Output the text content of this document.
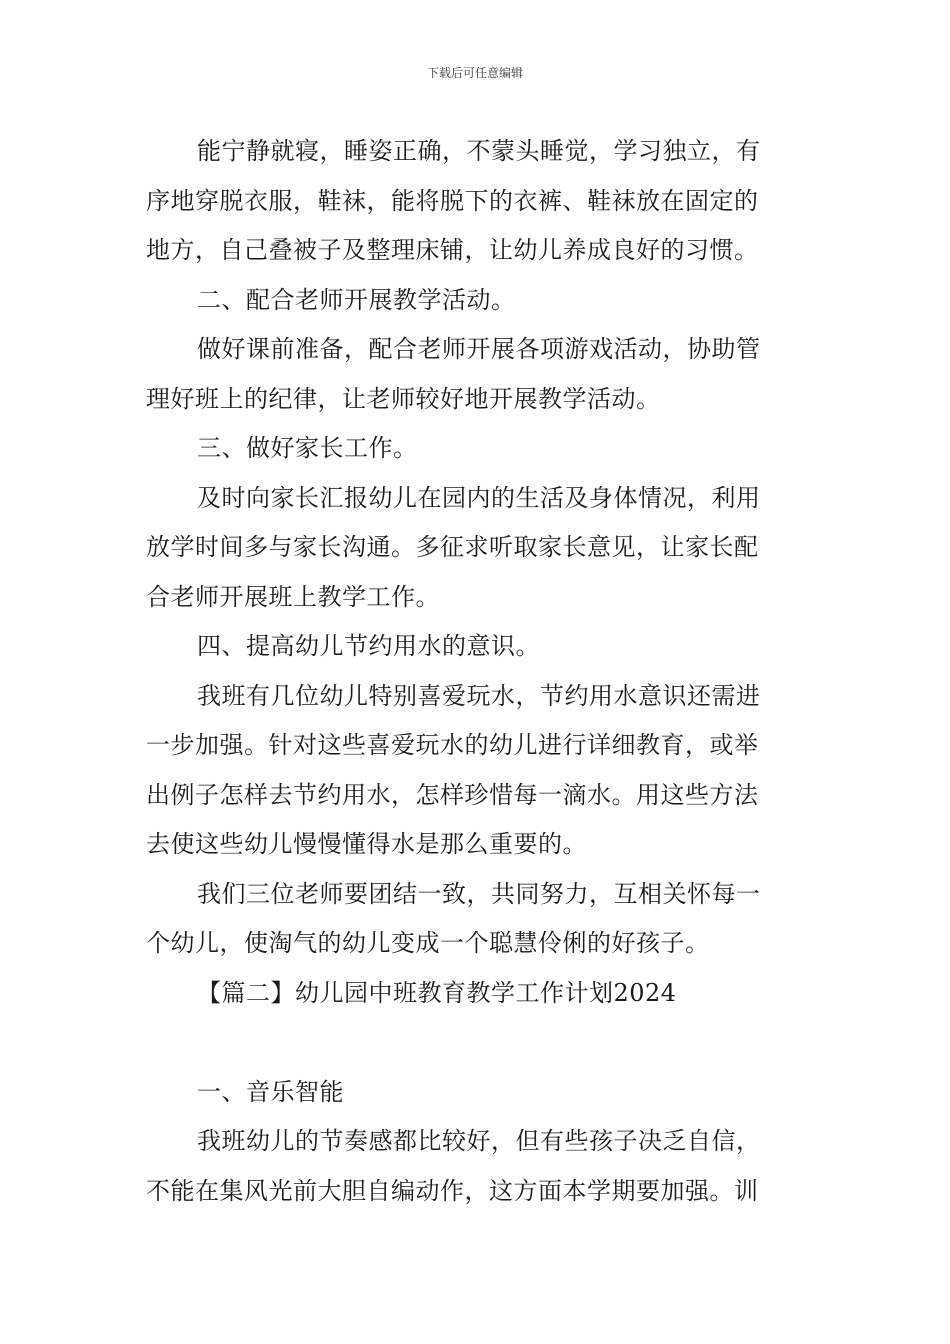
下载后可任意编辑
能宁静就寝，睡姿正确，不蒙头睡觉，学习独立，有
序地穿脱衣服，鞋袜，能将脱下的衣裤、鞋袜放在固定的
地方，自己叠被子及整理床铺，让幼儿养成良好的习惯。
二、配合老师开展教学活动。
做好课前准备，配合老师开展各项游戏活动，协助管
理好班上的纪律，让老师较好地开展教学活动。
三、做好家长工作。
及时向家长汇报幼儿在园内的生活及身体情况，利用
放学时间多与家长沟通。多征求听取家长意见，让家长配
合老师开展班上教学工作。
四、提高幼儿节约用水的意识。
我班有几位幼儿特别喜爱玩水，节约用水意识还需进
一步加强。针对这些喜爱玩水的幼儿进行详细教育，或举
出例子怎样去节约用水，怎样珍惜每一滴水。用这些方法
去使这些幼儿慢慢懂得水是那么重要的。
我们三位老师要团结一致，共同努力，互相关怀每一
个幼儿，使淘气的幼儿变成一个聪慧伶俐的好孩子。
【篇二】幼儿园中班教育教学工作计划2024
一、音乐智能
我班幼儿的节奏感都比较好，但有些孩子决乏自信，
不能在集风光前大胆自编动作，这方面本学期要加强。训
